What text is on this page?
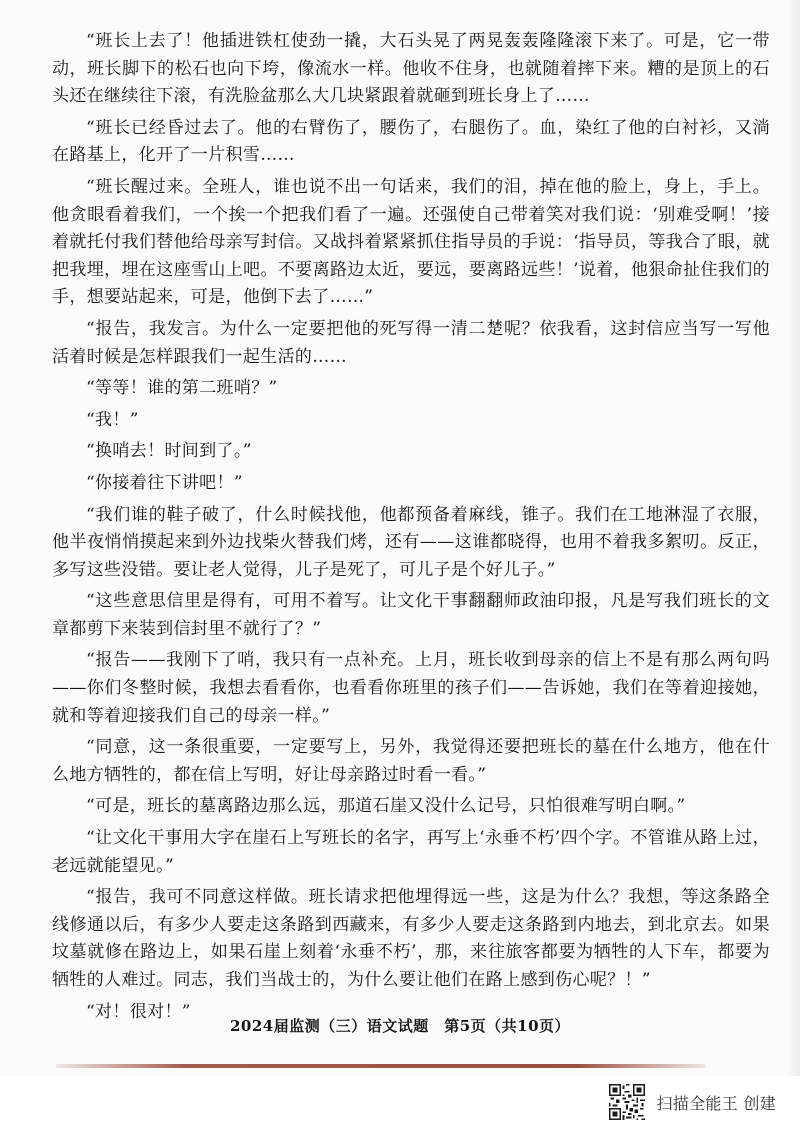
“班长上去了！他插进铁杠使劲一撬，大石头晃了两晃轰轰隆隆滚下来了。可是，它一带动，班长脚下的松石也向下垮，像流水一样。他收不住身，也就随着摔下来。糟的是顶上的石头还在继续往下滚，有洗脸盆那么大几块紧跟着就砸到班长身上了……

“班长已经昏过去了。他的右臂伤了，腰伤了，右腿伤了。血，染红了他的白衬衫，又淌在路基上，化开了一片积雪……

“班长醒过来。全班人，谁也说不出一句话来，我们的泪，掉在他的脸上，身上，手上。他贪眼看着我们，一个挨一个把我们看了一遍。还强使自己带着笑对我们说：‘别难受啊！’接着就托付我们替他给母亲写封信。又战抖着紧紧抓住指导员的手说：‘指导员，等我合了眼，就把我埋，埋在这座雪山上吧。不要离路边太近，要远，要离路远些！’说着，他狠命扯住我们的手，想要站起来，可是，他倒下去了……”

“报告，我发言。为什么一定要把他的死写得一清二楚呢？依我看，这封信应当写一写他活着时候是怎样跟我们一起生活的……

“等等！谁的第二班哨？”

“我！”

“换哨去！时间到了。”

“你接着往下讲吧！”

“我们谁的鞋子破了，什么时候找他，他都预备着麻线，锥子。我们在工地淋湿了衣服，他半夜悄悄摸起来到外边找柴火替我们烤，还有——这谁都晓得，也用不着我多絮叨。反正，多写这些没错。要让老人觉得，儿子是死了，可儿子是个好儿子。”

“这些意思信里是得有，可用不着写。让文化干事翻翻师政油印报，凡是写我们班长的文章都剪下来装到信封里不就行了？”

“报告——我刚下了哨，我只有一点补充。上月，班长收到母亲的信上不是有那么两句吗——你们冬整时候，我想去看看你，也看看你班里的孩子们——告诉她，我们在等着迎接她，就和等着迎接我们自己的母亲一样。”

“同意，这一条很重要，一定要写上，另外，我觉得还要把班长的墓在什么地方，他在什么地方牺牲的，都在信上写明，好让母亲路过时看一看。”

“可是，班长的墓离路边那么远，那道石崖又没什么记号，只怕很难写明白啊。”

“让文化干事用大字在崖石上写班长的名字，再写上‘永垂不朽’四个字。不管谁从路上过，老远就能望见。”

“报告，我可不同意这样做。班长请求把他埋得远一些，这是为什么？我想，等这条路全线修通以后，有多少人要走这条路到西藏来，有多少人要走这条路到内地去，到北京去。如果坟墓就修在路边上，如果石崖上刻着‘永垂不朽’，那，来往旅客都要为牺牲的人下车，都要为牺牲的人难过。同志，我们当战士的，为什么要让他们在路上感到伤心呢？！”

“对！很对！”

2024届监测（三）语文试题　第5页（共10页）
扫描全能王 创建
